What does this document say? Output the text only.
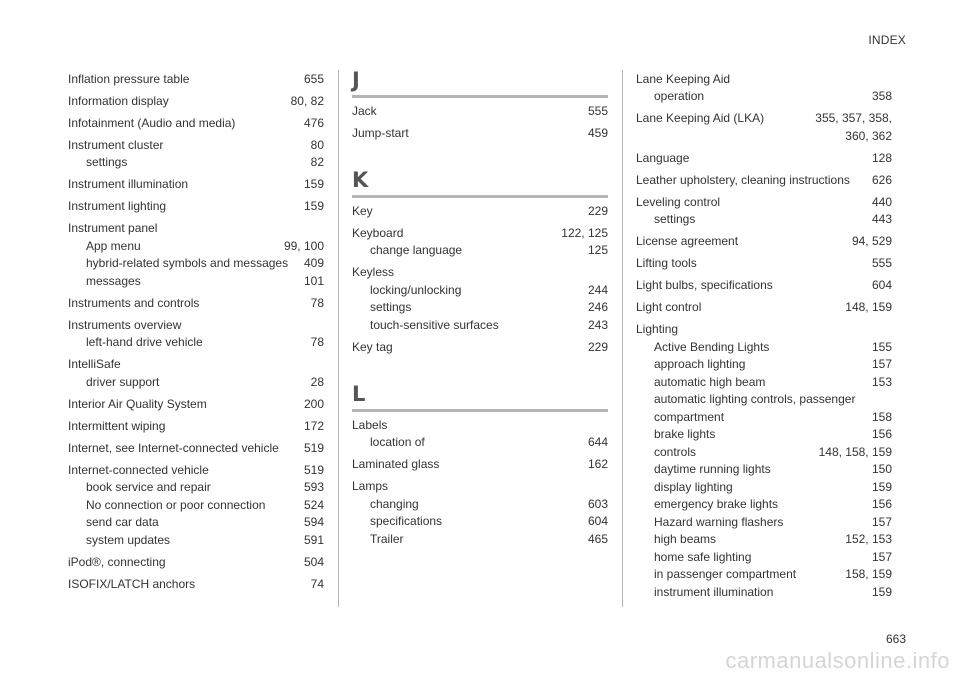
INDEX
Inflation pressure table	655
Information display	80, 82
Infotainment (Audio and media)	476
Instrument cluster	80
settings	82
Instrument illumination	159
Instrument lighting	159
Instrument panel
App menu	99, 100
hybrid-related symbols and messages	409
messages	101
Instruments and controls	78
Instruments overview
left-hand drive vehicle	78
IntelliSafe
driver support	28
Interior Air Quality System	200
Intermittent wiping	172
Internet, see Internet-connected vehicle	519
Internet-connected vehicle	519
book service and repair	593
No connection or poor connection	524
send car data	594
system updates	591
iPod®, connecting	504
ISOFIX/LATCH anchors	74
J
Jack	555
Jump-start	459
K
Key	229
Keyboard	122, 125
change language	125
Keyless
locking/unlocking	244
settings	246
touch-sensitive surfaces	243
Key tag	229
L
Labels
location of	644
Laminated glass	162
Lamps
changing	603
specifications	604
Trailer	465
Lane Keeping Aid
operation	358
Lane Keeping Aid (LKA)	355, 357, 358,
360, 362
Language	128
Leather upholstery, cleaning instructions	626
Leveling control	440
settings	443
License agreement	94, 529
Lifting tools	555
Light bulbs, specifications	604
Light control	148, 159
Lighting
Active Bending Lights	155
approach lighting	157
automatic high beam	153
automatic lighting controls, passenger
compartment	158
brake lights	156
controls	148, 158, 159
daytime running lights	150
display lighting	159
emergency brake lights	156
Hazard warning flashers	157
high beams	152, 153
home safe lighting	157
in passenger compartment	158, 159
instrument illumination	159
663
carmanualsonline.info
